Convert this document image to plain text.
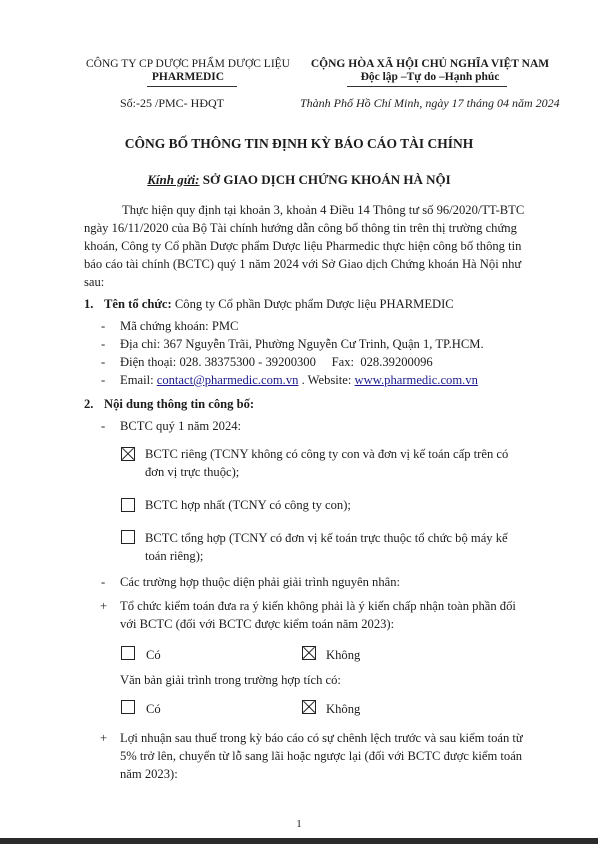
CÔNG TY CP DƯỢC PHẨM DƯỢC LIỆU
PHARMEDIC
CỘNG HÒA XÃ HỘI CHỦ NGHĨA VIỆT NAM
Độc lập –Tự do –Hạnh phúc
Số:-25 /PMC- HĐQT	Thành Phố Hồ Chí Minh, ngày 17 tháng 04 năm 2024
CÔNG BỐ THÔNG TIN ĐỊNH KỲ BÁO CÁO TÀI CHÍNH
Kính gửi: SỞ GIAO DỊCH CHỨNG KHOÁN HÀ NỘI
Thực hiện quy định tại khoản 3, khoản 4 Điều 14 Thông tư số 96/2020/TT-BTC
ngày 16/11/2020 của Bộ Tài chính hướng dẫn công bố thông tin trên thị trường chứng
khoán, Công ty Cổ phần Dược phẩm Dược liệu Pharmedic thực hiện công bố thông tin
báo cáo tài chính (BCTC) quý 1 năm 2024 với Sở Giao dịch Chứng khoán Hà Nội như
sau:
1. Tên tổ chức: Công ty Cổ phần Dược phẩm Dược liệu PHARMEDIC
- Mã chứng khoán: PMC
- Địa chỉ: 367 Nguyễn Trãi, Phường Nguyễn Cư Trinh, Quận 1, TP.HCM.
- Điện thoại: 028. 38375300 - 39200300     Fax:  028.39200096
- Email: contact@pharmedic.com.vn . Website: www.pharmedic.com.vn
2. Nội dung thông tin công bố:
- BCTC quý 1 năm 2024:
BCTC riêng (TCNY không có công ty con và đơn vị kế toán cấp trên có
đơn vị trực thuộc);
BCTC hợp nhất (TCNY có công ty con);
BCTC tổng hợp (TCNY có đơn vị kế toán trực thuộc tổ chức bộ máy kế
toán riêng);
- Các trường hợp thuộc diện phải giải trình nguyên nhân:
+ Tổ chức kiểm toán đưa ra ý kiến không phải là ý kiến chấp nhận toàn phần đối
với BCTC (đối với BCTC được kiểm toán năm 2023):
Có	Không
Văn bản giải trình trong trường hợp tích có:
Có	Không
+ Lợi nhuận sau thuế trong kỳ báo cáo có sự chênh lệch trước và sau kiểm toán từ
5% trở lên, chuyển từ lỗ sang lãi hoặc ngược lại (đối với BCTC được kiểm toán
năm 2023):
1
